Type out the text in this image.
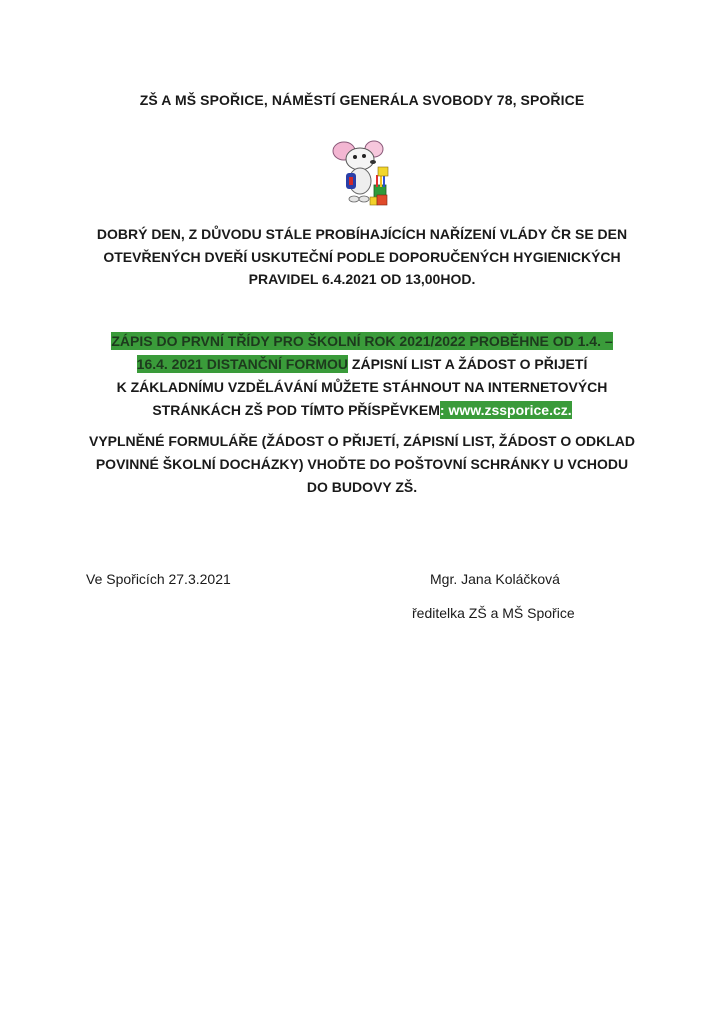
ZŠ A MŠ SPOŘICE, NÁMĚSTÍ GENERÁLA SVOBODY 78, SPOŘICE
DOBRÝ DEN, Z DŮVODU STÁLE PROBÍHAJÍCÍCH NAŘÍZENÍ VLÁDY ČR SE DEN
OTEVŘENÝCH DVEŘÍ USKUTEČNÍ PODLE DOPORUČENÝCH HYGIENICKÝCH
PRAVIDEL 6.4.2021 OD 13,00HOD.
ZÁPIS DO PRVNÍ TŘÍDY PRO ŠKOLNÍ ROK 2021/2022 PROBĚHNE OD 1.4. –
16.4. 2021 DISTANČNÍ FORMOU ZÁPISNÍ LIST A ŽÁDOST O PŘIJETÍ
K ZÁKLADNÍMU VZDĚLÁVÁNÍ MŮŽETE STÁHNOUT NA INTERNETOVÝCH
STRÁNKÁCH ZŠ POD TÍMTO PŘÍSPĚVKEM: www.zssporice.cz.
VYPLNĚNÉ FORMULÁŘE (ŽÁDOST O PŘIJETÍ, ZÁPISNÍ LIST, ŽÁDOST O ODKLAD
POVINNÉ ŠKOLNÍ DOCHÁZKY) VHOĎTE DO POŠTOVNÍ SCHRÁNKY U VCHODU
DO BUDOVY ZŠ.
Ve Spořicích 27.3.2021	Mgr. Jana Koláčková
ředitelka ZŠ a MŠ Spořice
